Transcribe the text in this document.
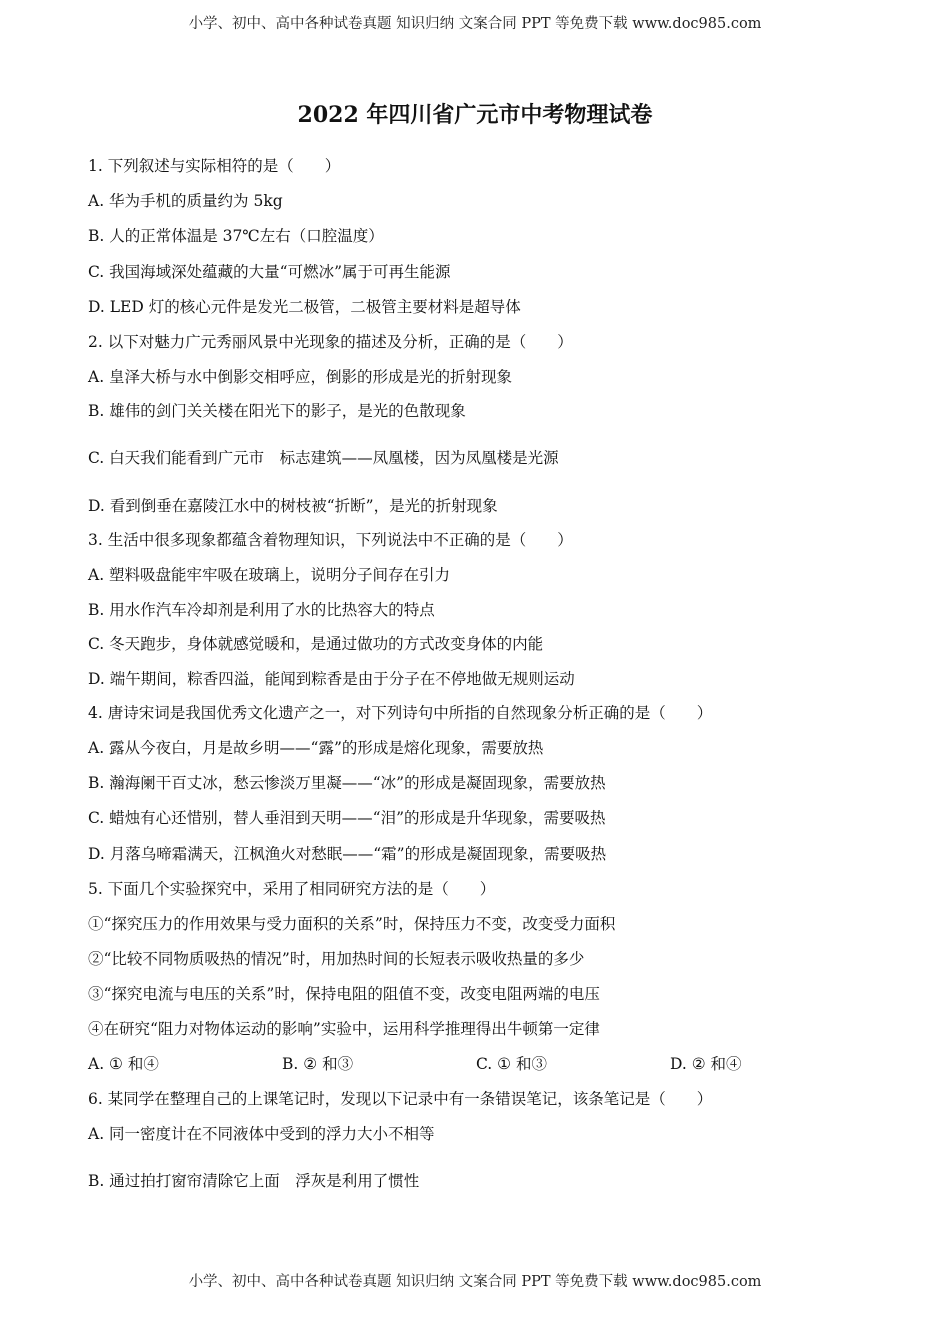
小学、初中、高中各种试卷真题 知识归纳 文案合同 PPT 等免费下载 www.doc985.com
2022 年四川省广元市中考物理试卷
1. 下列叙述与实际相符的是（　　）
A. 华为手机的质量约为 5kg
B. 人的正常体温是 37℃左右（口腔温度）
C. 我国海域深处蕴藏的大量“可燃冰”属于可再生能源
D. LED 灯的核心元件是发光二极管，二极管主要材料是超导体
2. 以下对魅力广元秀丽风景中光现象的描述及分析，正确的是（　　）
A. 皇泽大桥与水中倒影交相呼应，倒影的形成是光的折射现象
B. 雄伟的剑门关关楼在阳光下的影子，是光的色散现象
C. 白天我们能看到广元市　标志建筑——凤凰楼，因为凤凰楼是光源
D. 看到倒垂在嘉陵江水中的树枝被“折断”，是光的折射现象
3. 生活中很多现象都蕴含着物理知识，下列说法中不正确的是（　　）
A. 塑料吸盘能牢牢吸在玻璃上，说明分子间存在引力
B. 用水作汽车冷却剂是利用了水的比热容大的特点
C. 冬天跑步，身体就感觉暖和，是通过做功的方式改变身体的内能
D. 端午期间，粽香四溢，能闻到粽香是由于分子在不停地做无规则运动
4. 唐诗宋词是我国优秀文化遗产之一，对下列诗句中所指的自然现象分析正确的是（　　）
A. 露从今夜白，月是故乡明——“露”的形成是熔化现象，需要放热
B. 瀚海阑干百丈冰，愁云惨淡万里凝——“冰”的形成是凝固现象，需要放热
C. 蜡烛有心还惜别，替人垂泪到天明——“泪”的形成是升华现象，需要吸热
D. 月落乌啼霜满天，江枫渔火对愁眠——“霜”的形成是凝固现象，需要吸热
5. 下面几个实验探究中，采用了相同研究方法的是（　　）
①“探究压力的作用效果与受力面积的关系”时，保持压力不变，改变受力面积
②“比较不同物质吸热的情况”时，用加热时间的长短表示吸收热量的多少
③“探究电流与电压的关系”时，保持电阻的阻值不变，改变电阻两端的电压
④在研究“阻力对物体运动的影响”实验中，运用科学推理得出牛顿第一定律
A. ① 和④	B. ② 和③	C. ① 和③	D. ② 和④
6. 某同学在整理自己的上课笔记时，发现以下记录中有一条错误笔记，该条笔记是（　　）
A. 同一密度计在不同液体中受到的浮力大小不相等
B. 通过拍打窗帘清除它上面　浮灰是利用了惯性
小学、初中、高中各种试卷真题 知识归纳 文案合同 PPT 等免费下载 www.doc985.com
